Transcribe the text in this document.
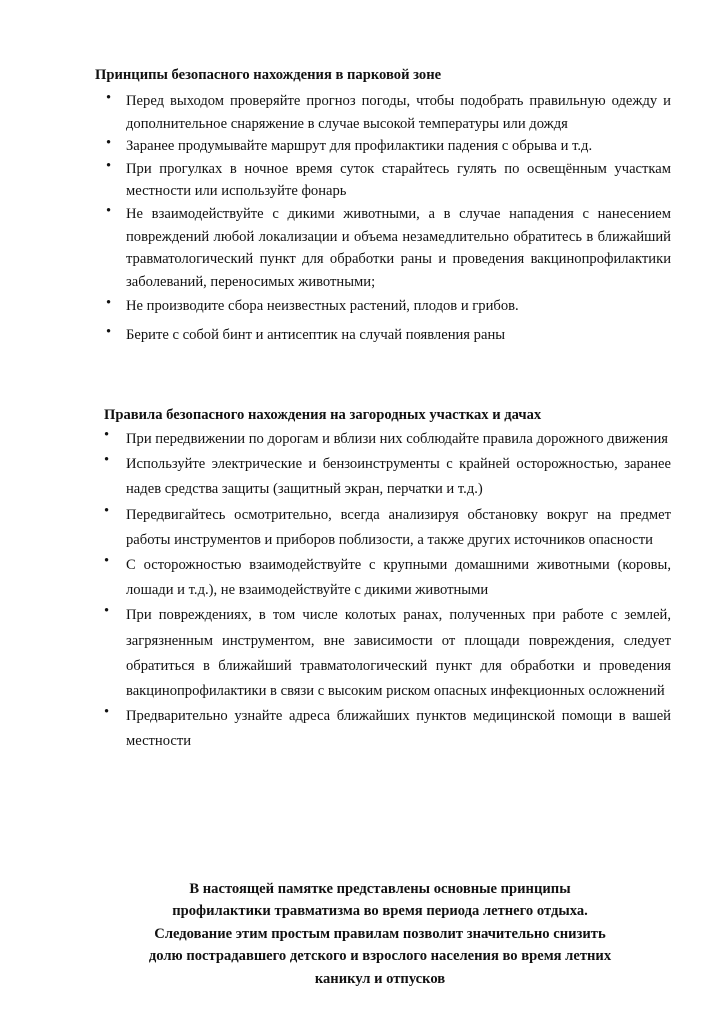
Принципы безопасного нахождения в парковой зоне
• Перед выходом проверяйте прогноз погоды, чтобы подобрать правильную одежду и дополнительное снаряжение в случае высокой температуры или дождя
• Заранее продумывайте маршрут для профилактики падения с обрыва и т.д.
• При прогулках в ночное время суток старайтесь гулять по освещённым участкам местности или используйте фонарь
• Не взаимодействуйте с дикими животными, а в случае нападения с нанесением повреждений любой локализации и объема незамедлительно обратитесь в ближайший травматологический пункт для обработки раны и проведения вакцинопрофилактики заболеваний, переносимых животными;
• Не производите сбора неизвестных растений, плодов и грибов.
• Берите с собой бинт и антисептик на случай появления раны
Правила безопасного нахождения на загородных участках и дачах
• При передвижении по дорогам и вблизи них соблюдайте правила дорожного движения
• Используйте электрические и бензоинструменты с крайней осторожностью, заранее надев средства защиты (защитный экран, перчатки и т.д.)
• Передвигайтесь осмотрительно, всегда анализируя обстановку вокруг на предмет работы инструментов и приборов поблизости, а также других источников опасности
• С осторожностью взаимодействуйте с крупными домашними животными (коровы, лошади и т.д.), не взаимодействуйте с дикими животными
• При повреждениях, в том числе колотых ранах, полученных при работе с землей, загрязненным инструментом, вне зависимости от площади повреждения, следует обратиться в ближайший травматологический пункт для обработки и проведения вакцинопрофилактики в связи с высоким риском опасных инфекционных осложнений
• Предварительно узнайте адреса ближайших пунктов медицинской помощи в вашей местности
В настоящей памятке представлены основные принципы
профилактики травматизма во время периода летнего отдыха.
Следование этим простым правилам позволит значительно снизить
долю пострадавшего детского и взрослого населения во время летних
каникул и отпусков
